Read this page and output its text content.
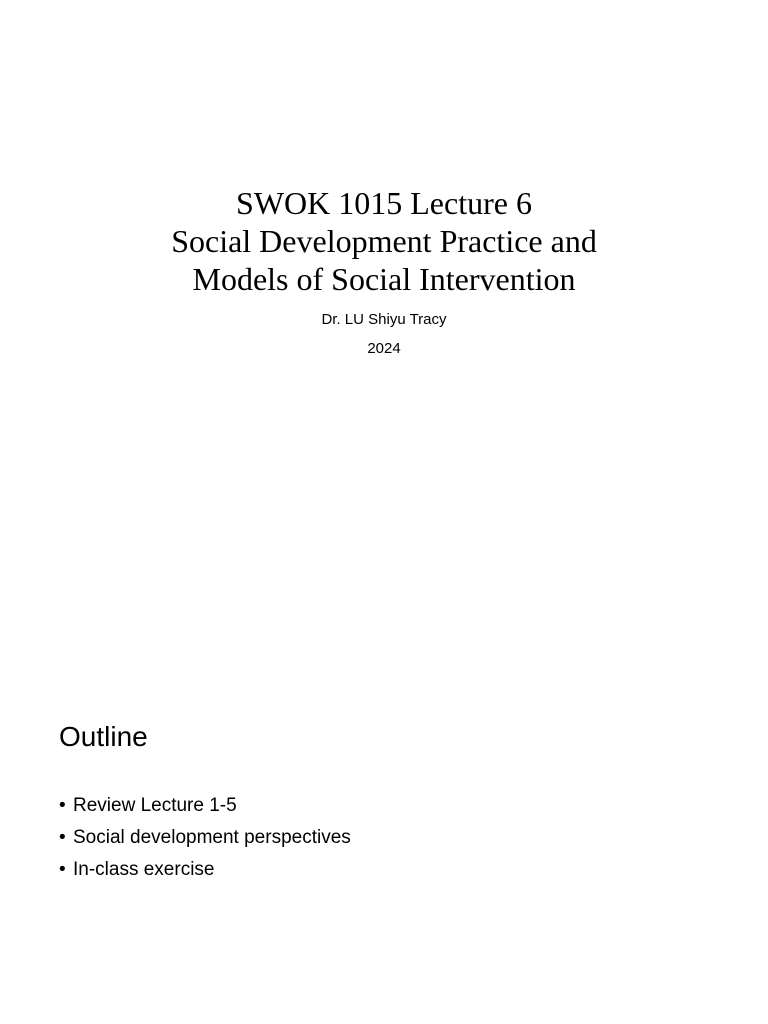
SWOK 1015 Lecture 6
Social Development Practice and
Models of Social Intervention
Dr. LU Shiyu Tracy
2024
Outline
• Review Lecture 1-5
• Social development perspectives
• In-class exercise
